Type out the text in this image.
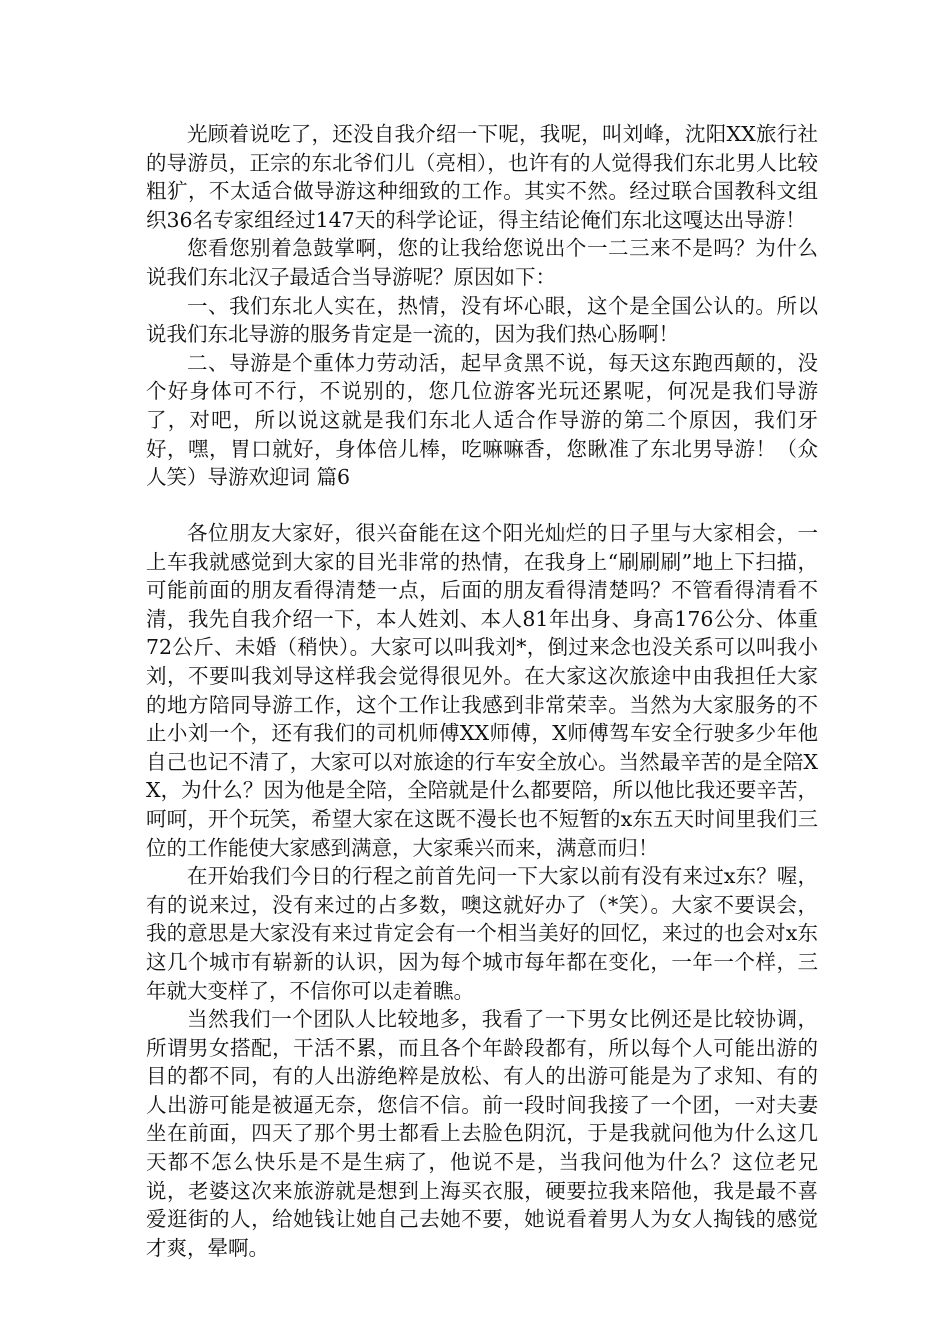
光顾着说吃了，还没自我介绍一下呢，我呢，叫刘峰，沈阳XX旅行社的导游员，正宗的东北爷们儿（亮相），也许有的人觉得我们东北男人比较粗犷，不太适合做导游这种细致的工作。其实不然。经过联合国教科文组织36名专家组经过147天的科学论证，得主结论俺们东北这嘎达出导游！

您看您别着急鼓掌啊，您的让我给您说出个一二三来不是吗？为什么说我们东北汉子最适合当导游呢？原因如下：

一、我们东北人实在，热情，没有坏心眼，这个是全国公认的。所以说我们东北导游的服务肯定是一流的，因为我们热心肠啊！

二、导游是个重体力劳动活，起早贪黑不说，每天这东跑西颠的，没个好身体可不行，不说别的，您几位游客光玩还累呢，何况是我们导游了，对吧，所以说这就是我们东北人适合作导游的第二个原因，我们牙好，嘿，胃口就好，身体倍儿棒，吃嘛嘛香，您瞅准了东北男导游！（众人笑）导游欢迎词 篇6

各位朋友大家好，很兴奋能在这个阳光灿烂的日子里与大家相会，一上车我就感觉到大家的目光非常的热情，在我身上“刷刷刷”地上下扫描，可能前面的朋友看得清楚一点，后面的朋友看得清楚吗？不管看得清看不清，我先自我介绍一下，本人姓刘、本人81年出身、身高176公分、体重72公斤、未婚（稍快）。大家可以叫我刘*，倒过来念也没关系可以叫我小刘，不要叫我刘导这样我会觉得很见外。在大家这次旅途中由我担任大家的地方陪同导游工作，这个工作让我感到非常荣幸。当然为大家服务的不止小刘一个，还有我们的司机师傅XX师傅，X师傅驾车安全行驶多少年他自己也记不清了，大家可以对旅途的行车安全放心。当然最辛苦的是全陪XX，为什么？因为他是全陪，全陪就是什么都要陪，所以他比我还要辛苦，呵呵，开个玩笑，希望大家在这既不漫长也不短暂的x东五天时间里我们三位的工作能使大家感到满意，大家乘兴而来，满意而归！

在开始我们今日的行程之前首先问一下大家以前有没有来过x东？喔，有的说来过，没有来过的占多数，噢这就好办了（*笑）。大家不要误会，我的意思是大家没有来过肯定会有一个相当美好的回忆，来过的也会对x东这几个城市有崭新的认识，因为每个城市每年都在变化，一年一个样，三年就大变样了，不信你可以走着瞧。

当然我们一个团队人比较地多，我看了一下男女比例还是比较协调，所谓男女搭配，干活不累，而且各个年龄段都有，所以每个人可能出游的目的都不同，有的人出游绝粹是放松、有人的出游可能是为了求知、有的人出游可能是被逼无奈，您信不信。前一段时间我接了一个团，一对夫妻坐在前面，四天了那个男士都看上去脸色阴沉，于是我就问他为什么这几天都不怎么快乐是不是生病了，他说不是，当我问他为什么？这位老兄说，老婆这次来旅游就是想到上海买衣服，硬要拉我来陪他，我是最不喜爱逛街的人，给她钱让她自己去她不要，她说看着男人为女人掏钱的感觉才爽，晕啊。
